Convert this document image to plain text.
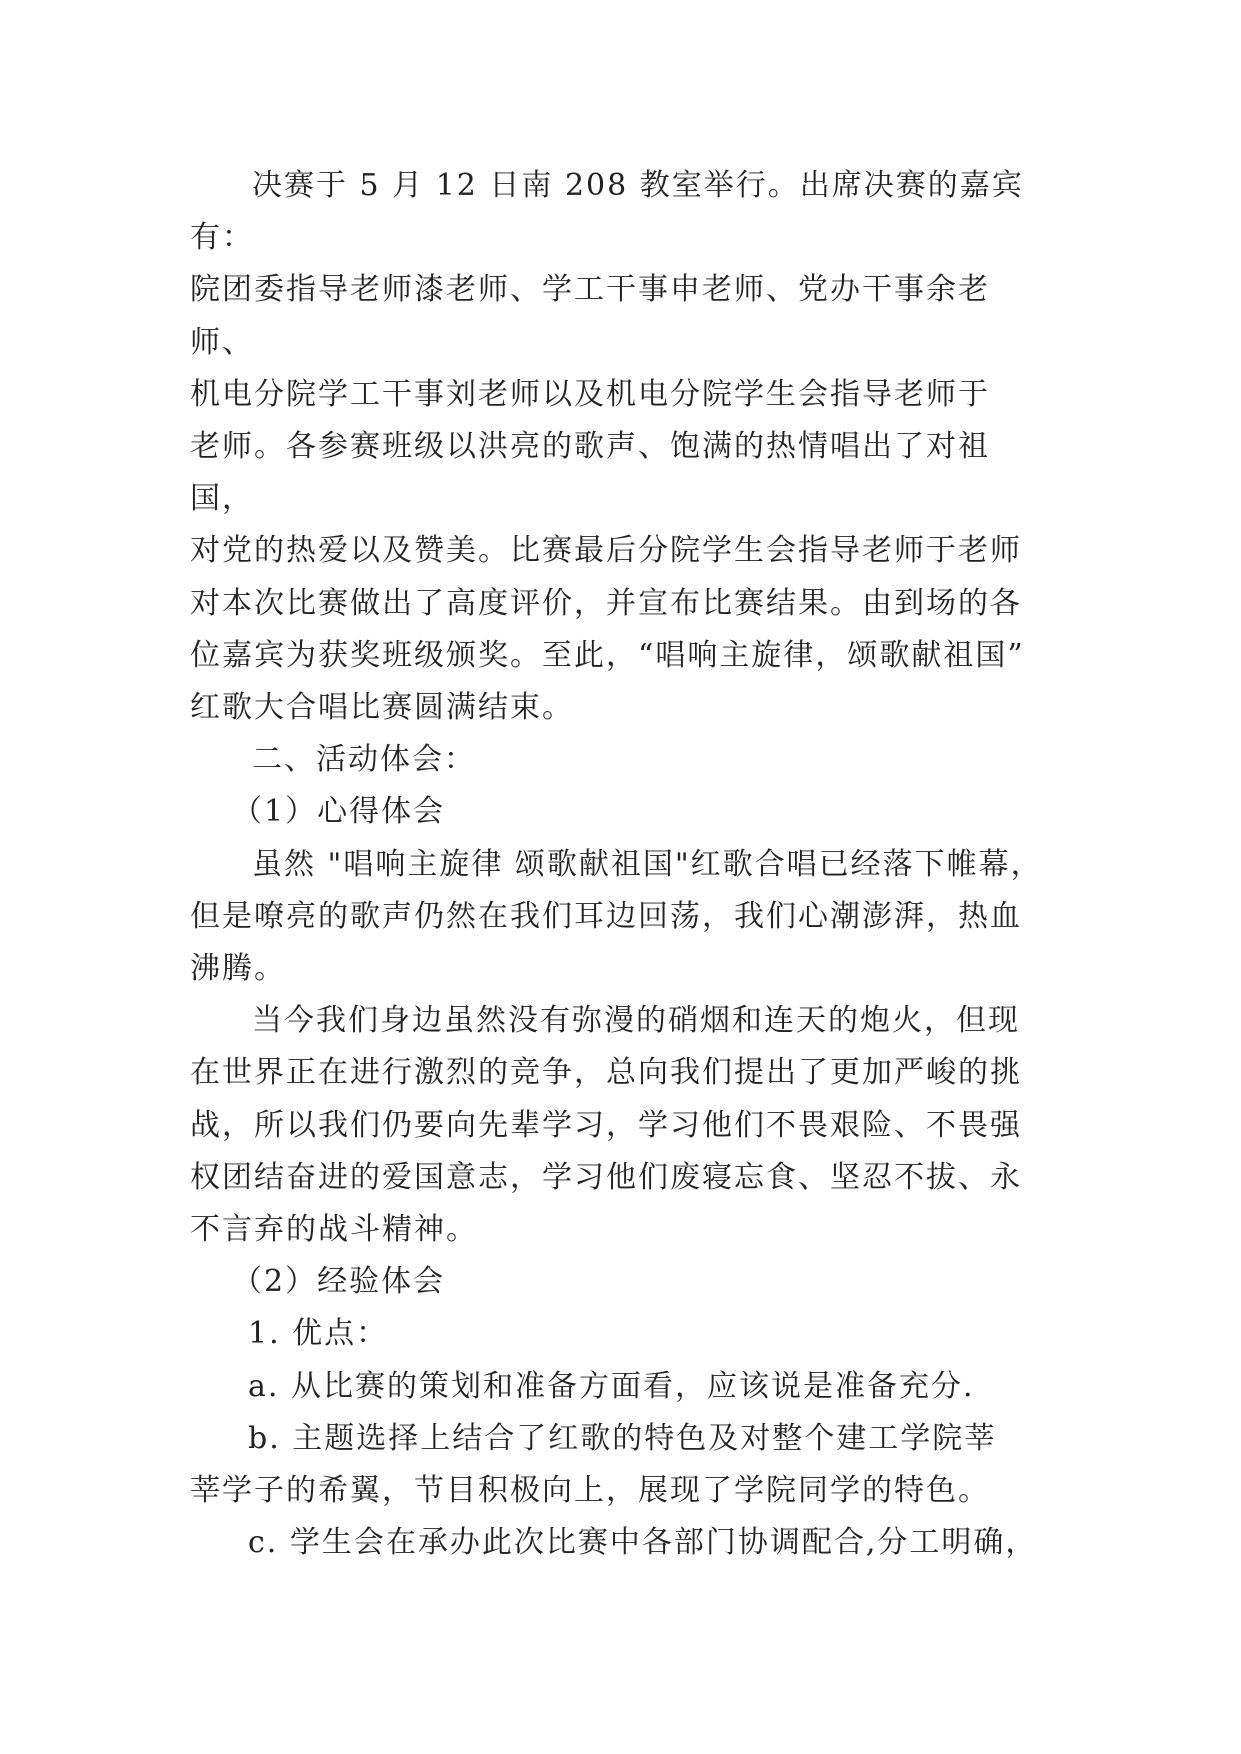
决赛于 5 月 12 日南 208 教室举行。出席决赛的嘉宾有：
院团委指导老师漆老师、学工干事申老师、党办干事余老师、
机电分院学工干事刘老师以及机电分院学生会指导老师于
老师。各参赛班级以洪亮的歌声、饱满的热情唱出了对祖国，
对党的热爱以及赞美。比赛最后分院学生会指导老师于老师
对本次比赛做出了高度评价，并宣布比赛结果。由到场的各
位嘉宾为获奖班级颁奖。至此，“唱响主旋律，颂歌献祖国”
红歌大合唱比赛圆满结束。

二、活动体会：

（1）心得体会

虽然 "唱响主旋律 颂歌献祖国"红歌合唱已经落下帷幕，
但是嘹亮的歌声仍然在我们耳边回荡，我们心潮澎湃，热血
沸腾。

当今我们身边虽然没有弥漫的硝烟和连天的炮火，但现
在世界正在进行激烈的竞争，总向我们提出了更加严峻的挑
战，所以我们仍要向先辈学习，学习他们不畏艰险、不畏强
权团结奋进的爱国意志，学习他们废寝忘食、坚忍不拔、永
不言弃的战斗精神。

（2）经验体会

1. 优点：

a. 从比赛的策划和准备方面看，应该说是准备充分.

b. 主题选择上结合了红歌的特色及对整个建工学院莘
莘学子的希翼，节目积极向上，展现了学院同学的特色。

c. 学生会在承办此次比赛中各部门协调配合,分工明确，
